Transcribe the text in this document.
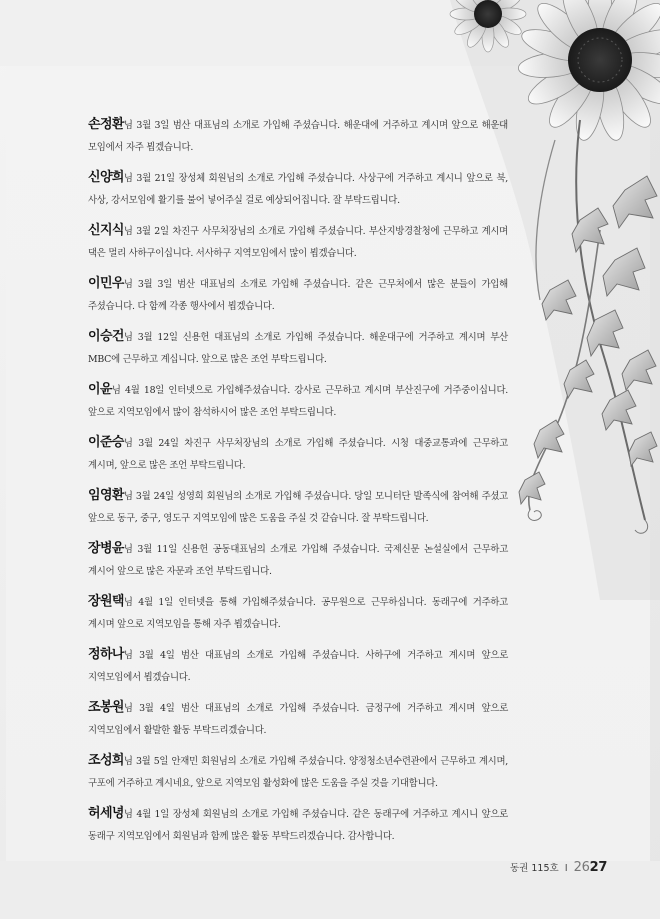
손정환님 3월 3일 범산 대표님의 소개로 가입해 주셨습니다. 해운대에 거주하고 계시며 앞으로 해운대 모임에서 자주 뵙겠습니다.

신양희님 3월 21일 장성체 회원님의 소개로 가입해 주셨습니다. 사상구에 거주하고 계시니 앞으로 북, 사상, 강서모임에 활기를 불어 넣어주실 걸로 예상되어집니다. 잘 부탁드립니다.

신지식님 3월 2일 차진구 사무처장님의 소개로 가입해 주셨습니다. 부산지방경찰청에 근무하고 계시며 댁은 멀리 사하구이십니다. 서사하구 지역모임에서 많이 뵙겠습니다.

이민우님 3월 3일 범산 대표님의 소개로 가입해 주셨습니다. 같은 근무처에서 많은 분들이 가입해 주셨습니다. 다 함께 각종 행사에서 뵙겠습니다.

이승건님 3월 12일 신용헌 대표님의 소개로 가입해 주셨습니다. 해운대구에 거주하고 계시며 부산 MBC에 근무하고 계십니다. 앞으로 많은 조언 부탁드립니다.

이윤님 4월 18일 인터넷으로 가입해주셨습니다. 강사로 근무하고 계시며 부산진구에 거주중이십니다. 앞으로 지역모임에서 많이 참석하시어 많은 조언 부탁드립니다.

이준승님 3월 24일 차진구 사무처장님의 소개로 가입해 주셨습니다. 시청 대중교통과에 근무하고 계시며, 앞으로 많은 조언 부탁드립니다.

임영환님 3월 24일 성영희 회원님의 소개로 가입해 주셨습니다. 당일 모니터단 발족식에 참여해 주셨고 앞으로 동구, 중구, 영도구 지역모임에 많은 도움을 주실 것 같습니다. 잘 부탁드립니다.

장병윤님 3월 11일 신용헌 공동대표님의 소개로 가입해 주셨습니다. 국제신문 논설실에서 근무하고 계시어 앞으로 많은 자문과 조언 부탁드립니다.

장원택님 4월 1일 인터넷을 통해 가입해주셨습니다. 공무원으로 근무하십니다. 동래구에 거주하고 계시며 앞으로 지역모임을 통해 자주 뵙겠습니다.

정하나님 3월 4일 범산 대표님의 소개로 가입해 주셨습니다. 사하구에 거주하고 계시며 앞으로 지역모임에서 뵙겠습니다.

조봉원님 3월 4일 범산 대표님의 소개로 가입해 주셨습니다. 금정구에 거주하고 계시며 앞으로 지역모임에서 활발한 활동 부탁드리겠습니다.

조성희님 3월 5일 안재민 회원님의 소개로 가입해 주셨습니다. 양정청소년수련관에서 근무하고 계시며, 구포에 거주하고 계시네요, 앞으로 지역모임 활성화에 많은 도움을 주실 것을 기대합니다.

허세녕님 4월 1일 장성체 회원님의 소개로 가입해 주셨습니다. 같은 동래구에 거주하고 계시니 앞으로 동래구 지역모임에서 회원님과 함께 많은 활동 부탁드리겠습니다. 감사합니다.

동권 115호 I 26 27
